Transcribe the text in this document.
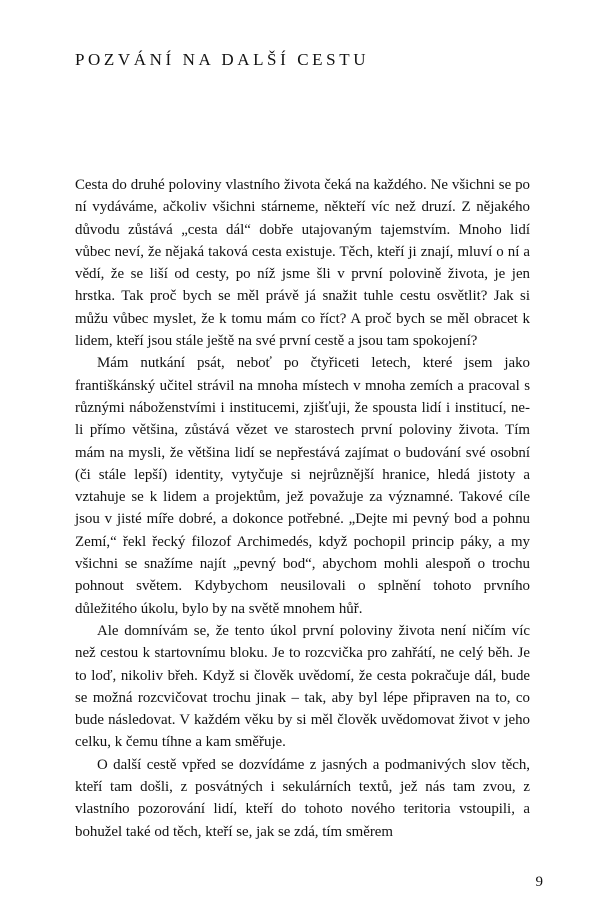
POZVÁNÍ NA DALŠÍ CESTU

Cesta do druhé poloviny vlastního života čeká na každého. Ne všichni se po ní vydáváme, ačkoliv všichni stárneme, někteří víc než druzí. Z nějakého důvodu zůstává „cesta dál“ dobře utajovaným tajemstvím. Mnoho lidí vůbec neví, že nějaká taková cesta existuje. Těch, kteří ji znají, mluví o ní a vědí, že se liší od cesty, po níž jsme šli v první polovině života, je jen hrstka. Tak proč bych se měl právě já snažit tuhle cestu osvětlit? Jak si můžu vůbec myslet, že k tomu mám co říct? A proč bych se měl obracet k lidem, kteří jsou stále ještě na své první cestě a jsou tam spokojení?

Mám nutkání psát, neboť po čtyřiceti letech, které jsem jako františkánský učitel strávil na mnoha místech v mnoha zemích a pracoval s různými náboženstvími i institucemi, zjišťuji, že spousta lidí i institucí, ne-li přímo většina, zůstává vězet ve starostech první poloviny života. Tím mám na mysli, že většina lidí se nepřestává zajímat o budování své osobní (či stále lepší) identity, vytyčuje si nejrůznější hranice, hledá jistoty a vztahuje se k lidem a projektům, jež považuje za významné. Takové cíle jsou v jisté míře dobré, a dokonce potřebné. „Dejte mi pevný bod a pohnu Zemí,“ řekl řecký filozof Archimedés, když pochopil princip páky, a my všichni se snažíme najít „pevný bod“, abychom mohli alespoň o trochu pohnout světem. Kdybychom neusilovali o splnění tohoto prvního důležitého úkolu, bylo by na světě mnohem hůř.

Ale domnívám se, že tento úkol první poloviny života není ničím víc než cestou k startovnímu bloku. Je to rozcvička pro zahřátí, ne celý běh. Je to loď, nikoliv břeh. Když si člověk uvědomí, že cesta pokračuje dál, bude se možná rozcvičovat trochu jinak – tak, aby byl lépe připraven na to, co bude následovat. V každém věku by si měl člověk uvědomovat život v jeho celku, k čemu tíhne a kam směřuje.

O další cestě vpřed se dozvídáme z jasných a podmanivých slov těch, kteří tam došli, z posvátných i sekulárních textů, jež nás tam zvou, z vlastního pozorování lidí, kteří do tohoto nového teritoria vstoupili, a bohužel také od těch, kteří se, jak se zdá, tím směrem

9
